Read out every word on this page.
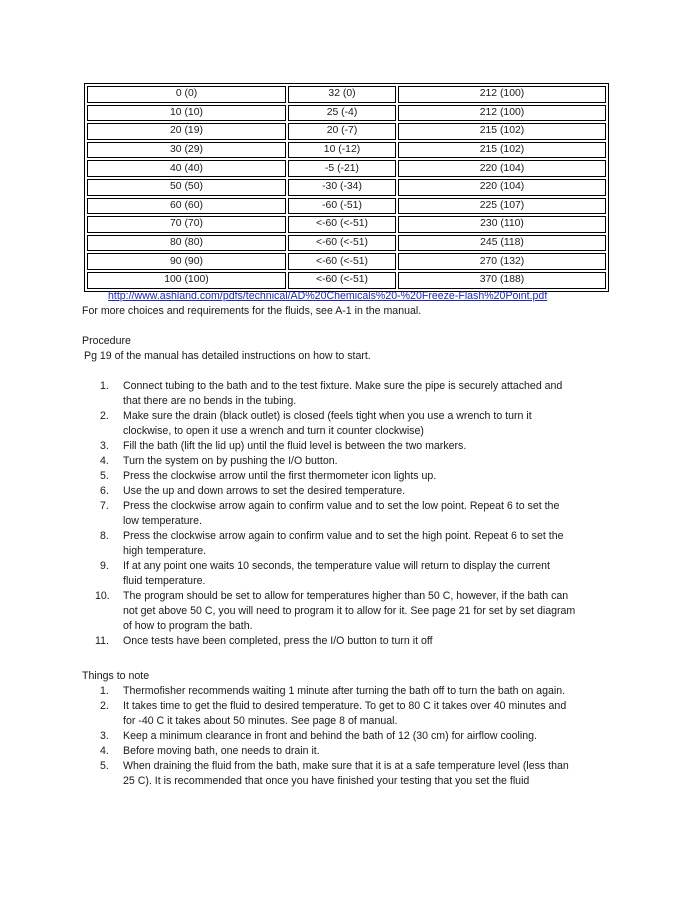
0 (0)	32 (0)	212 (100)
10 (10)	25 (-4)	212 (100)
20 (19)	20 (-7)	215 (102)
30 (29)	10 (-12)	215 (102)
40 (40)	-5 (-21)	220 (104)
50 (50)	-30 (-34)	220 (104)
60 (60)	-60 (-51)	225 (107)
70 (70)	<-60 (<-51)	230 (110)
80 (80)	<-60 (<-51)	245 (118)
90 (90)	<-60 (<-51)	270 (132)
100 (100)	<-60 (<-51)	370 (188)
http://www.ashland.com/pdfs/technical/AD%20Chemicals%20-%20Freeze-Flash%20Point.pdf
For more choices and requirements for the fluids, see A-1 in the manual.
Procedure
Pg 19 of the manual has detailed instructions on how to start.
1.	Connect tubing to the bath and to the test fixture. Make sure the pipe is securely attached and
that there are no bends in the tubing.
2.	Make sure the drain (black outlet) is closed (feels tight when you use a wrench to turn it
clockwise, to open it use a wrench and turn it counter clockwise)
3.	Fill the bath (lift the lid up) until the fluid level is between the two markers.
4.	Turn the system on by pushing the I/O button.
5.	Press the clockwise arrow until the first thermometer icon lights up.
6.	Use the up and down arrows to set the desired temperature.
7.	Press the clockwise arrow again to confirm value and to set the low point. Repeat 6 to set the
low temperature.
8.	Press the clockwise arrow again to confirm value and to set the high point. Repeat 6 to set the
high temperature.
9.	If at any point one waits 10 seconds, the temperature value will return to display the current
fluid temperature.
10.	The program should be set to allow for temperatures higher than 50 C, however, if the bath can
not get above 50 C, you will need to program it to allow for it. See page 21 for set by set diagram
of how to program the bath.
11.	Once tests have been completed, press the I/O button to turn it off
Things to note
1.	Thermofisher recommends waiting 1 minute after turning the bath off to turn the bath on again.
2.	It takes time to get the fluid to desired temperature. To get to 80 C it takes over 40 minutes and
for -40 C it takes about 50 minutes. See page 8 of manual.
3.	Keep a minimum clearance in front and behind the bath of 12 (30 cm) for airflow cooling.
4.	Before moving bath, one needs to drain it.
5.	When draining the fluid from the bath, make sure that it is at a safe temperature level (less than
25 C). It is recommended that once you have finished your testing that you set the fluid
